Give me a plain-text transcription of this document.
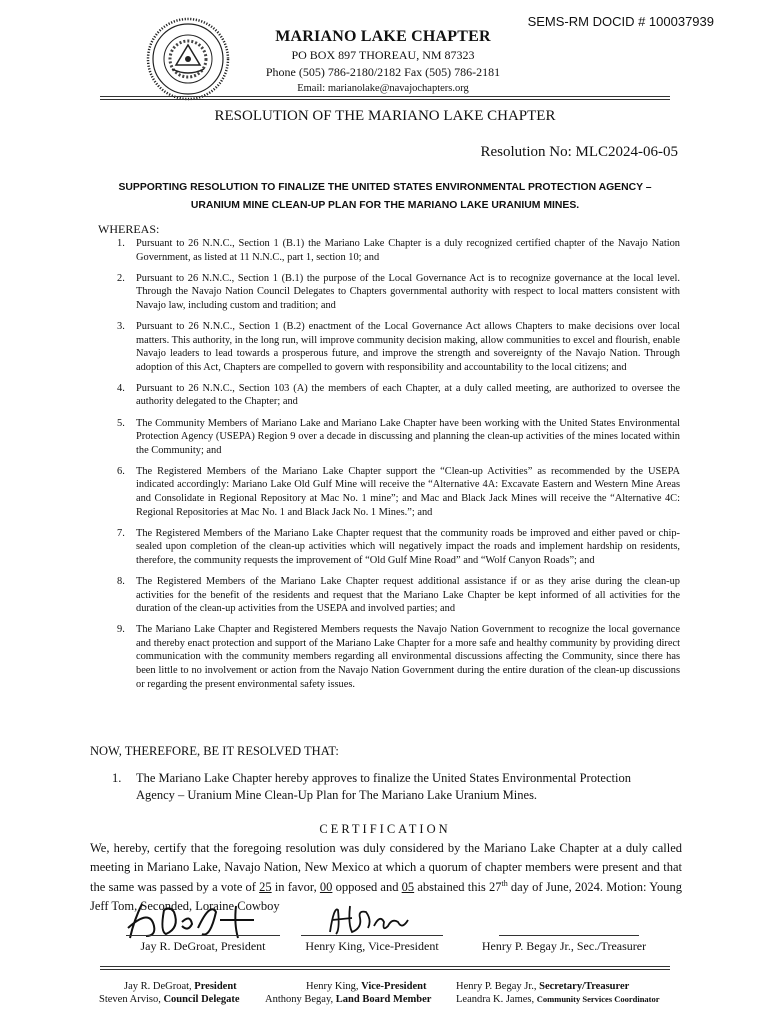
SEMS-RM DOCID # 100037939
MARIANO LAKE CHAPTER
PO BOX 897 THOREAU, NM 87323
Phone (505) 786-2180/2182 Fax (505) 786-2181
Email: marianolake@navajochapters.org
RESOLUTION OF THE MARIANO LAKE CHAPTER
Resolution No: MLC2024-06-05
SUPPORTING RESOLUTION TO FINALIZE THE UNITED STATES ENVIRONMENTAL PROTECTION AGENCY –
URANIUM MINE CLEAN-UP PLAN FOR THE MARIANO LAKE URANIUM MINES.
WHEREAS:
1. Pursuant to 26 N.N.C., Section 1 (B.1) the Mariano Lake Chapter is a duly recognized certified chapter of the Navajo Nation Government, as listed at 11 N.N.C., part 1, section 10; and
2. Pursuant to 26 N.N.C., Section 1 (B.1) the purpose of the Local Governance Act is to recognize governance at the local level. Through the Navajo Nation Council Delegates to Chapters governmental authority with respect to local matters consistent with Navajo law, including custom and tradition; and
3. Pursuant to 26 N.N.C., Section 1 (B.2) enactment of the Local Governance Act allows Chapters to make decisions over local matters. This authority, in the long run, will improve community decision making, allow communities to excel and flourish, enable Navajo leaders to lead towards a prosperous future, and improve the strength and sovereignty of the Navajo Nation. Through adoption of this Act, Chapters are compelled to govern with responsibility and accountability to the local citizens; and
4. Pursuant to 26 N.N.C., Section 103 (A) the members of each Chapter, at a duly called meeting, are authorized to oversee the authority delegated to the Chapter; and
5. The Community Members of Mariano Lake and Mariano Lake Chapter have been working with the United States Environmental Protection Agency (USEPA) Region 9 over a decade in discussing and planning the clean-up activities of the mines located within the Community; and
6. The Registered Members of the Mariano Lake Chapter support the “Clean-up Activities” as recommended by the USEPA indicated accordingly: Mariano Lake Old Gulf Mine will receive the “Alternative 4A: Excavate Eastern and Western Mine Areas and Consolidate in Regional Repository at Mac No. 1 mine”; and Mac and Black Jack Mines will receive the “Alternative 4C: Regional Repositories at Mac No. 1 and Black Jack No. 1 Mines.”; and
7. The Registered Members of the Mariano Lake Chapter request that the community roads be improved and either paved or chip-sealed upon completion of the clean-up activities which will negatively impact the roads and implement hardship on residents, therefore, the community requests the improvement of “Old Gulf Mine Road” and “Wolf Canyon Roads”; and
8. The Registered Members of the Mariano Lake Chapter request additional assistance if or as they arise during the clean-up activities for the benefit of the residents and request that the Mariano Lake Chapter be kept informed of all activities for the duration of the clean-up activities from the USEPA and involved parties; and
9. The Mariano Lake Chapter and Registered Members requests the Navajo Nation Government to recognize the local governance and thereby enact protection and support of the Mariano Lake Chapter for a more safe and healthy community by providing direct communication with the community members regarding all environmental discussions affecting the Community, since there has been little to no involvement or action from the Navajo Nation Government during the entire duration of the clean-up discussions or regarding the present environmental safety issues.
NOW, THEREFORE, BE IT RESOLVED THAT:
1.	The Mariano Lake Chapter hereby approves to finalize the United States Environmental Protection Agency – Uranium Mine Clean-Up Plan for The Mariano Lake Uranium Mines.
CERTIFICATION
We, hereby, certify that the foregoing resolution was duly considered by the Mariano Lake Chapter at a duly called meeting in Mariano Lake, Navajo Nation, New Mexico at which a quorum of chapter members were present and that the same was passed by a vote of 25 in favor, 00 opposed and 05 abstained this 27th day of June, 2024. Motion: Young Jeff Tom, Seconded, Loraine Cowboy
Jay R. DeGroat, President	Henry King, Vice-President	Henry P. Begay Jr., Sec./Treasurer
Jay R. DeGroat, President	Henry King, Vice-President	Henry P. Begay Jr., Secretary/Treasurer
Steven Arviso, Council Delegate Anthony Begay, Land Board Member Leandra K. James, Community Services Coordinator
